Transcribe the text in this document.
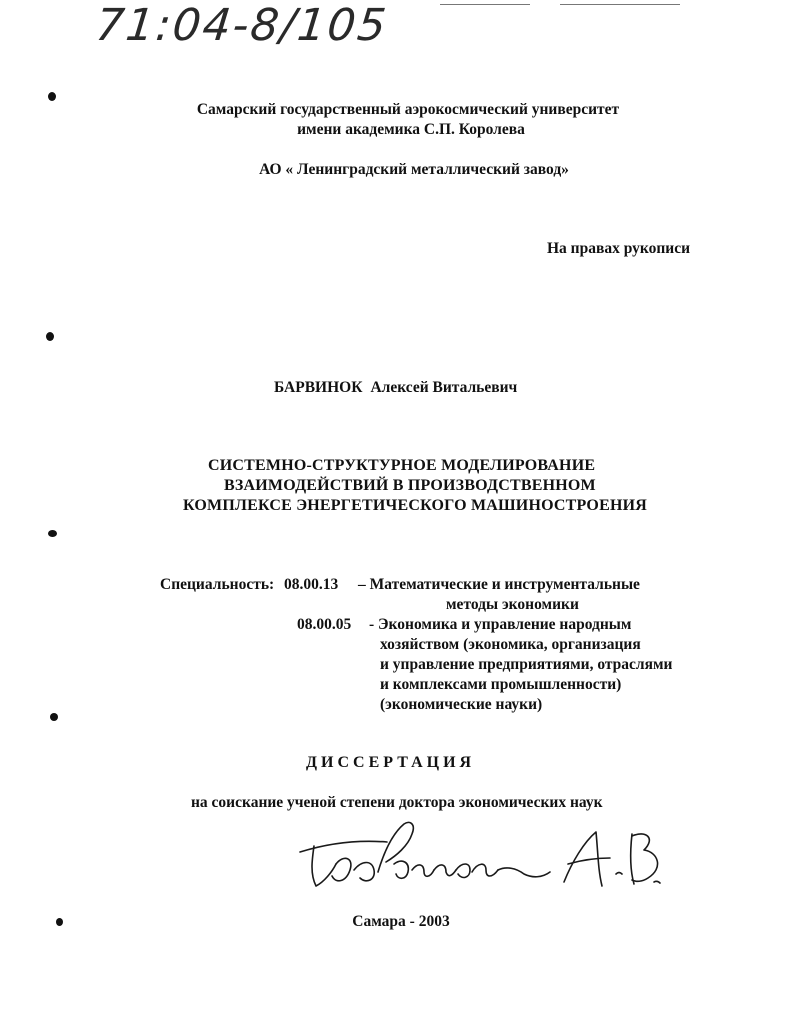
71:04-8/105
Самарский государственный аэрокосмический университет
имени академика С.П. Королева
АО « Ленинградский металлический завод»
На правах рукописи
БАРВИНОК Алексей Витальевич
СИСТЕМНО-СТРУКТУРНОЕ МОДЕЛИРОВАНИЕ
ВЗАИМОДЕЙСТВИЙ В ПРОИЗВОДСТВЕННОМ
КОМПЛЕКСЕ ЭНЕРГЕТИЧЕСКОГО МАШИНОСТРОЕНИЯ
Специальность: 08.00.13 – Математические и инструментальные
методы экономики
08.00.05 - Экономика и управление народным
хозяйством (экономика, организация
и управление предприятиями, отраслями
и комплексами промышленности)
(экономические науки)
ДИССЕРТАЦИЯ
на соискание ученой степени доктора экономических наук
Барвинок А.В.
Самара - 2003
